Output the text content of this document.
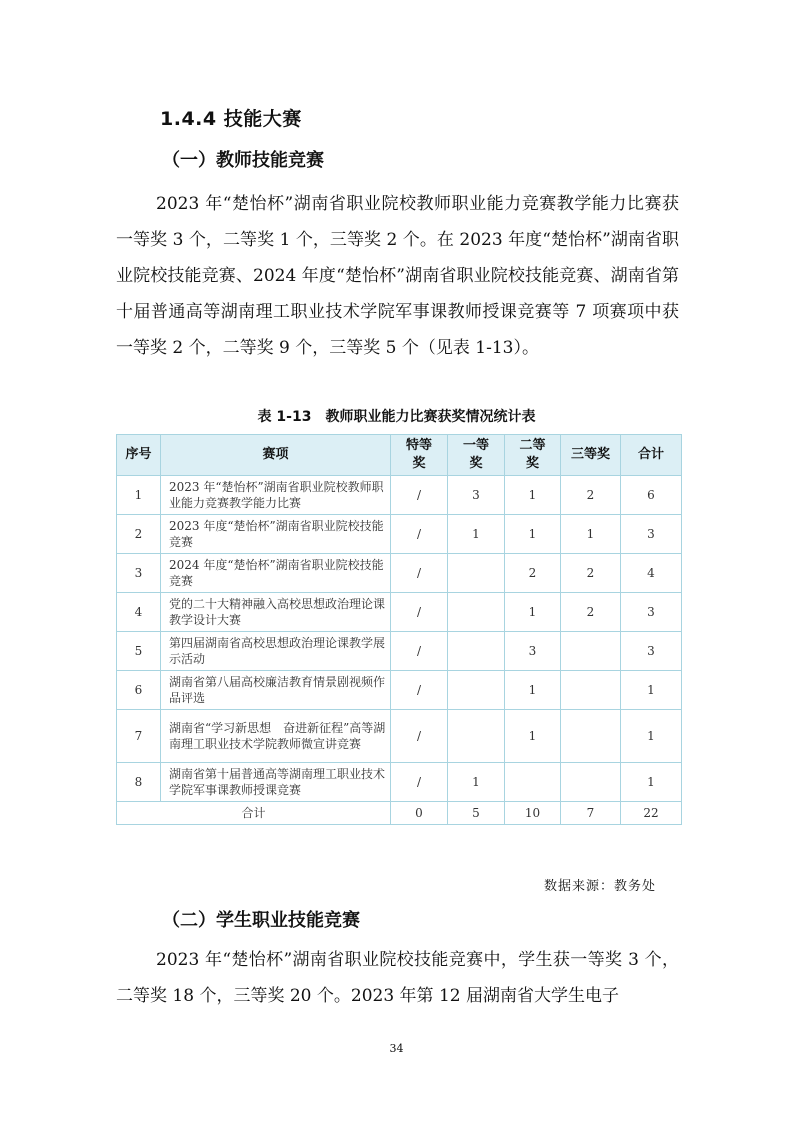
1.4.4 技能大赛
（一）教师技能竞赛
2023 年“楚怡杯”湖南省职业院校教师职业能力竞赛教学能力比赛获一等奖 3 个，二等奖 1 个，三等奖 2 个。在 2023 年度“楚怡杯”湖南省职业院校技能竞赛、2024 年度“楚怡杯”湖南省职业院校技能竞赛、湖南省第十届普通高等湖南理工职业技术学院军事课教师授课竞赛等 7 项赛项中获一等奖 2 个，二等奖 9 个，三等奖 5 个（见表 1-13）。
表 1-13　教师职业能力比赛获奖情况统计表
序号	赛项	特等奖	一等奖	二等奖	三等奖	合计
1	2023 年“楚怡杯”湖南省职业院校教师职业能力竞赛教学能力比赛	/	3	1	2	6
2	2023 年度“楚怡杯”湖南省职业院校技能竞赛	/	1	1	1	3
3	2024 年度“楚怡杯”湖南省职业院校技能竞赛	/		2	2	4
4	党的二十大精神融入高校思想政治理论课教学设计大赛	/		1	2	3
5	第四届湖南省高校思想政治理论课教学展示活动	/		3		3
6	湖南省第八届高校廉洁教育情景剧视频作品评选	/		1		1
7	湖南省“学习新思想　奋进新征程”高等湖南理工职业技术学院教师微宣讲竞赛	/		1		1
8	湖南省第十届普通高等湖南理工职业技术学院军事课教师授课竞赛	/	1			1
合计		0	5	10	7	22
数据来源：教务处
（二）学生职业技能竞赛
2023 年“楚怡杯”湖南省职业院校技能竞赛中，学生获一等奖 3 个，二等奖 18 个，三等奖 20 个。2023 年第 12 届湖南省大学生电子
34
